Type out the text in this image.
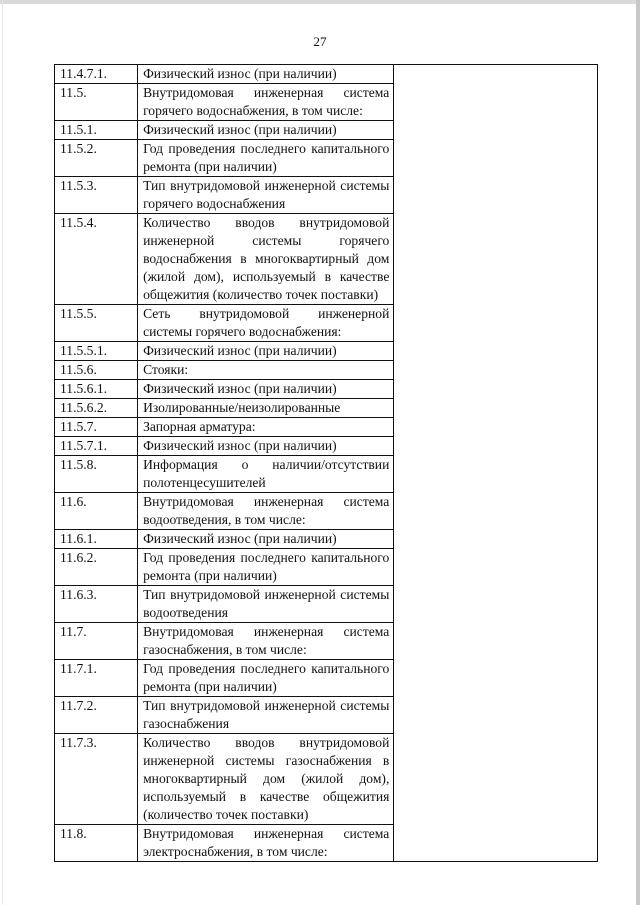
27
11.4.7.1.	Физический износ (при наличии)	
11.5.	Внутридомовая инженерная система горячего водоснабжения, в том числе:	
11.5.1.	Физический износ (при наличии)	
11.5.2.	Год проведения последнего капитального ремонта (при наличии)	
11.5.3.	Тип внутридомовой инженерной системы горячего водоснабжения	
11.5.4.	Количество вводов внутридомовой инженерной системы горячего водоснабжения в многоквартирный дом (жилой дом), используемый в качестве общежития (количество точек поставки)	
11.5.5.	Сеть внутридомовой инженерной системы горячего водоснабжения:	
11.5.5.1.	Физический износ (при наличии)	
11.5.6.	Стояки:	
11.5.6.1.	Физический износ (при наличии)	
11.5.6.2.	Изолированные/неизолированные	
11.5.7.	Запорная арматура:	
11.5.7.1.	Физический износ (при наличии)	
11.5.8.	Информация о наличии/отсутствии полотенцесушителей	
11.6.	Внутридомовая инженерная система водоотведения, в том числе:	
11.6.1.	Физический износ (при наличии)	
11.6.2.	Год проведения последнего капитального ремонта (при наличии)	
11.6.3.	Тип внутридомовой инженерной системы водоотведения	
11.7.	Внутридомовая инженерная система газоснабжения, в том числе:	
11.7.1.	Год проведения последнего капитального ремонта (при наличии)	
11.7.2.	Тип внутридомовой инженерной системы газоснабжения	
11.7.3.	Количество вводов внутридомовой инженерной системы газоснабжения в многоквартирный дом (жилой дом), используемый в качестве общежития (количество точек поставки)	
11.8.	Внутридомовая инженерная система электроснабжения, в том числе:	
